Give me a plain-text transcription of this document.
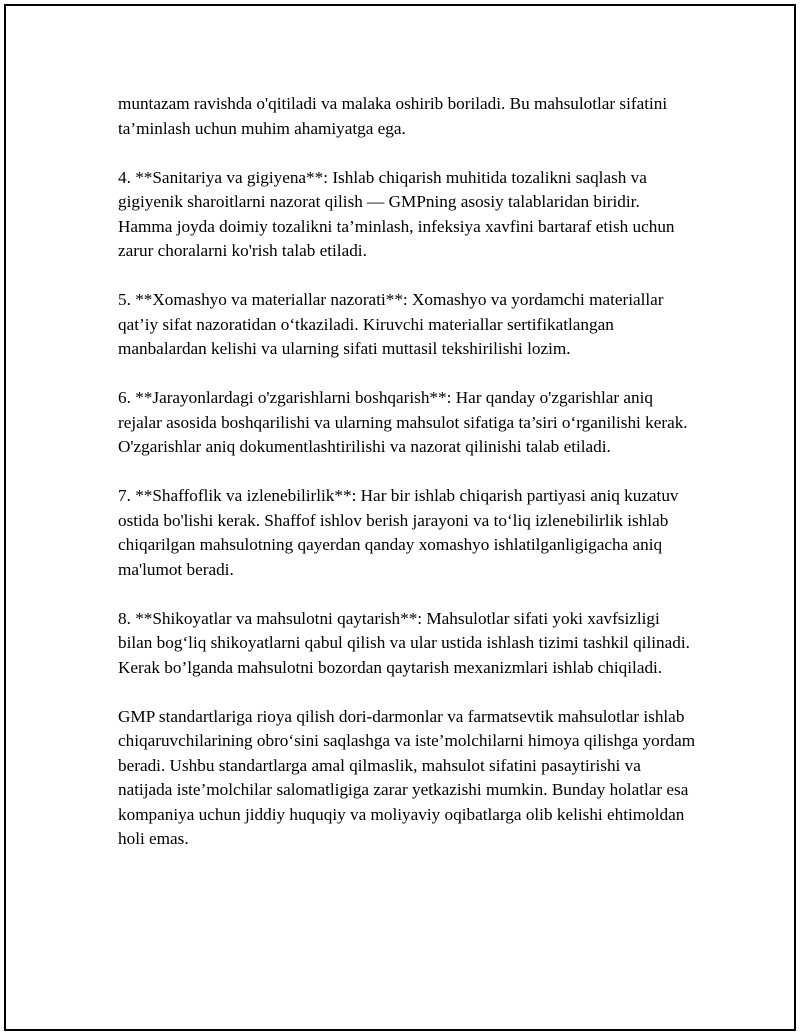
muntazam ravishda o'qitiladi va malaka oshirib boriladi. Bu mahsulotlar sifatini ta’minlash uchun muhim ahamiyatga ega.

4. **Sanitariya va gigiyena**: Ishlab chiqarish muhitida tozalikni saqlash va gigiyenik sharoitlarni nazorat qilish — GMPning asosiy talablaridan biridir. Hamma joyda doimiy tozalikni ta’minlash, infeksiya xavfini bartaraf etish uchun zarur choralarni ko'rish talab etiladi.

5. **Xomashyo va materiallar nazorati**: Xomashyo va yordamchi materiallar qat’iy sifat nazoratidan o‘tkaziladi. Kiruvchi materiallar sertifikatlangan manbalardan kelishi va ularning sifati muttasil tekshirilishi lozim.

6. **Jarayonlardagi o'zgarishlarni boshqarish**: Har qanday o'zgarishlar aniq rejalar asosida boshqarilishi va ularning mahsulot sifatiga ta’siri o‘rganilishi kerak. O'zgarishlar aniq dokumentlashtirilishi va nazorat qilinishi talab etiladi.

7. **Shaffoflik va izlenebilirlik**: Har bir ishlab chiqarish partiyasi aniq kuzatuv ostida bo'lishi kerak. Shaffof ishlov berish jarayoni va to‘liq izlenebilirlik ishlab chiqarilgan mahsulotning qayerdan qanday xomashyo ishlatilganligigacha aniq ma'lumot beradi.

8. **Shikoyatlar va mahsulotni qaytarish**: Mahsulotlar sifati yoki xavfsizligi bilan bog‘liq shikoyatlarni qabul qilish va ular ustida ishlash tizimi tashkil qilinadi. Kerak bo’lganda mahsulotni bozordan qaytarish mexanizmlari ishlab chiqiladi.

GMP standartlariga rioya qilish dori-darmonlar va farmatsevtik mahsulotlar ishlab chiqaruvchilarining obro‘sini saqlashga va iste’molchilarni himoya qilishga yordam beradi. Ushbu standartlarga amal qilmaslik, mahsulot sifatini pasaytirishi va natijada iste’molchilar salomatligiga zarar yetkazishi mumkin. Bunday holatlar esa kompaniya uchun jiddiy huquqiy va moliyaviy oqibatlarga olib kelishi ehtimoldan holi emas.
